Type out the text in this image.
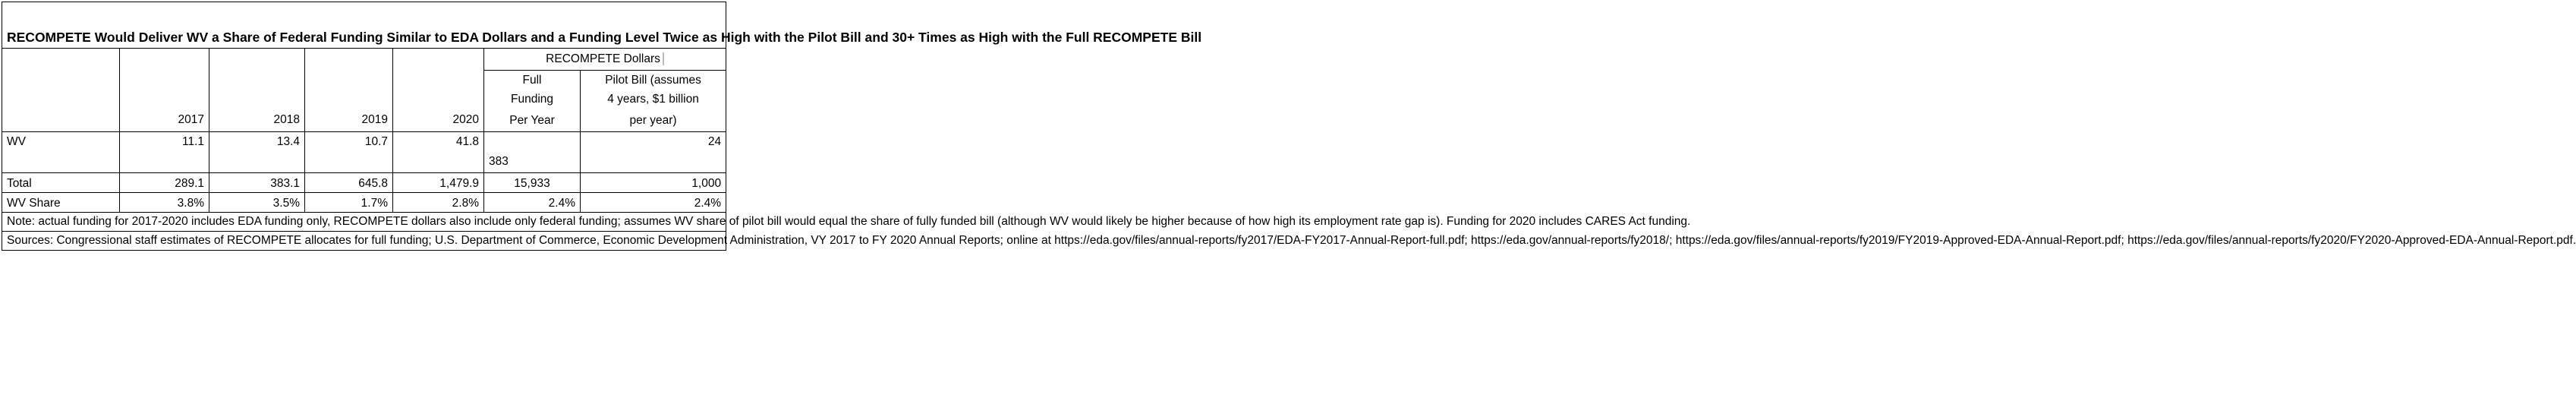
RECOMPETE Would Deliver WV a Share of Federal Funding Similar to EDA Dollars and a Funding Level Twice as High with the Pilot Bill and 30+ Times as High with the Full RECOMPETE Bill						
	2017	2018	2019	2020	RECOMPETE Dollars	
					Full	Pilot Bill (assumes
					Funding	4 years, $1 billion
					Per Year	per year)
WV	11.1	13.4	10.7	41.8	383	24
Total	289.1	383.1	645.8	1,479.9	15,933	1,000
WV Share	3.8%	3.5%	1.7%	2.8%	2.4%	2.4%
Note: actual funding for 2017-2020 includes EDA funding only, RECOMPETE dollars also include only federal funding; assumes WV share of pilot bill would equal the share of fully funded bill (although WV would likely be higher because of how high its employment rate gap is). Funding for 2020 includes CARES Act funding.						
Sources: Congressional staff estimates of RECOMPETE allocates for full funding; U.S. Department of Commerce, Economic Development Administration, VY 2017 to FY 2020 Annual Reports; online at https://eda.gov/files/annual-reports/fy2017/EDA-FY2017-Annual-Report-full.pdf; https://eda.gov/annual-reports/fy2018/; https://eda.gov/files/annual-reports/fy2019/FY2019-Approved-EDA-Annual-Report.pdf; https://eda.gov/files/annual-reports/fy2020/FY2020-Approved-EDA-Annual-Report.pdf.						
